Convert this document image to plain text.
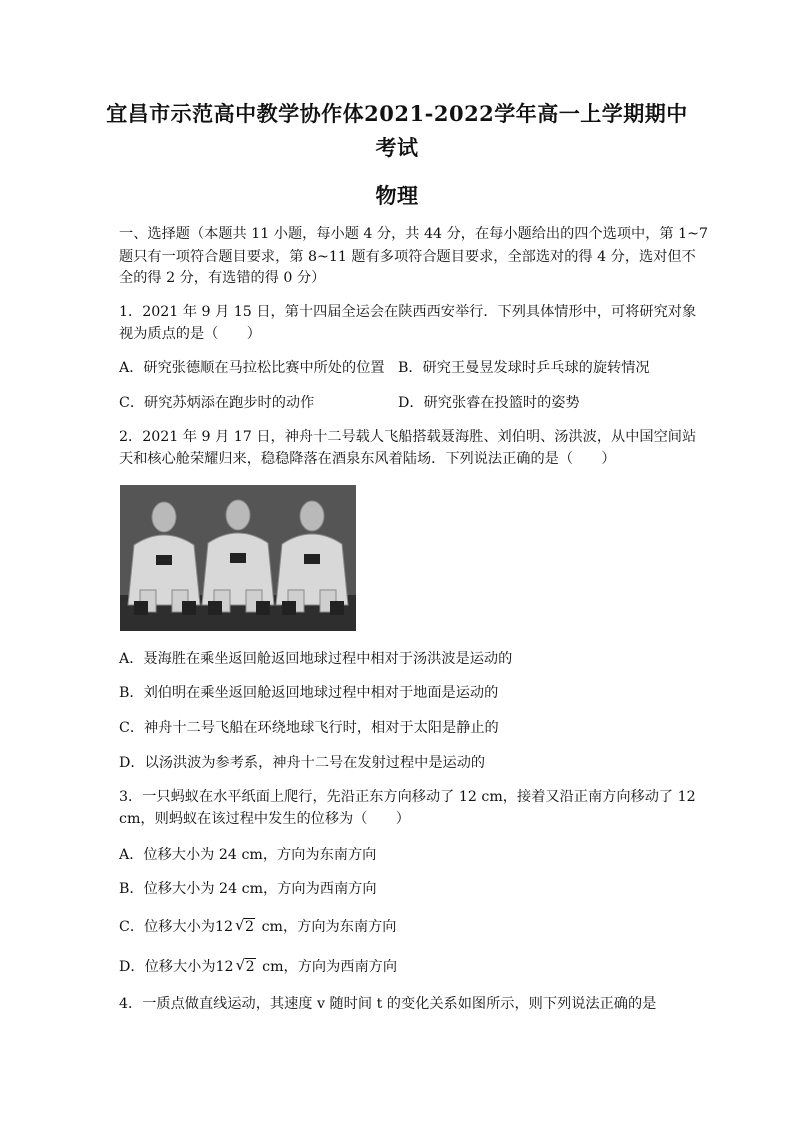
宜昌市示范高中教学协作体2021-2022学年高一上学期期中
考试
物理
一、选择题（本题共 11 小题，每小题 4 分，共 44 分，在每小题给出的四个选项中，第 1~7
题只有一项符合题目要求，第 8~11 题有多项符合题目要求，全部选对的得 4 分，选对但不
全的得 2 分，有选错的得 0 分）
1．2021 年 9 月 15 日，第十四届全运会在陕西西安举行．下列具体情形中，可将研究对象
视为质点的是（　　）
A．研究张德顺在马拉松比赛中所处的位置 B．研究王曼昱发球时乒乓球的旋转情况
C．研究苏炳添在跑步时的动作	D．研究张睿在投篮时的姿势
2．2021 年 9 月 17 日，神舟十二号载人飞船搭载聂海胜、刘伯明、汤洪波，从中国空间站
天和核心舱荣耀归来，稳稳降落在酒泉东风着陆场．下列说法正确的是（　　）
A．聂海胜在乘坐返回舱返回地球过程中相对于汤洪波是运动的
B．刘伯明在乘坐返回舱返回地球过程中相对于地面是运动的
C．神舟十二号飞船在环绕地球飞行时，相对于太阳是静止的
D．以汤洪波为参考系，神舟十二号在发射过程中是运动的
3．一只蚂蚁在水平纸面上爬行，先沿正东方向移动了 12 cm，接着又沿正南方向移动了 12
cm，则蚂蚁在该过程中发生的位移为（　　）
A．位移大小为 24 cm，方向为东南方向
B．位移大小为 24 cm，方向为西南方向
C．位移大小为12 √ 2 cm，方向为东南方向
D．位移大小为12 √ 2 cm，方向为西南方向
4．一质点做直线运动，其速度 v 随时间 t 的变化关系如图所示，则下列说法正确的是
